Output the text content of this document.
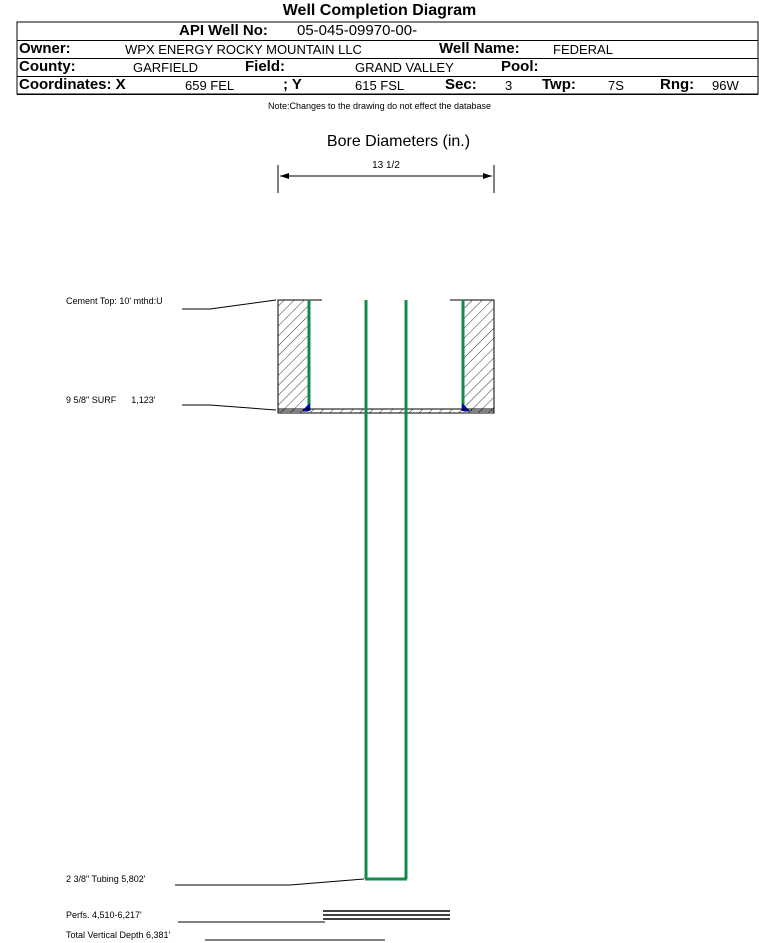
Well Completion Diagram
API Well No: 05-045-09970-00-
Owner:	WPX ENERGY ROCKY MOUNTAIN LLC	Well Name:	FEDERAL
County:	GARFIELD	Field:	GRAND VALLEY	Pool:
Coordinates: X	659 FEL	; Y	615 FSL	Sec: 3 Twp: 7S Rng: 96W
Note:Changes to the drawing do not effect the database
Bore Diameters (in.)
13 1/2
Cement Top: 10' mthd:U
9 5/8" SURF      1,123'
2 3/8" Tubing 5,802'
Perfs. 4,510-6,217'
Total Vertical Depth 6,381'
